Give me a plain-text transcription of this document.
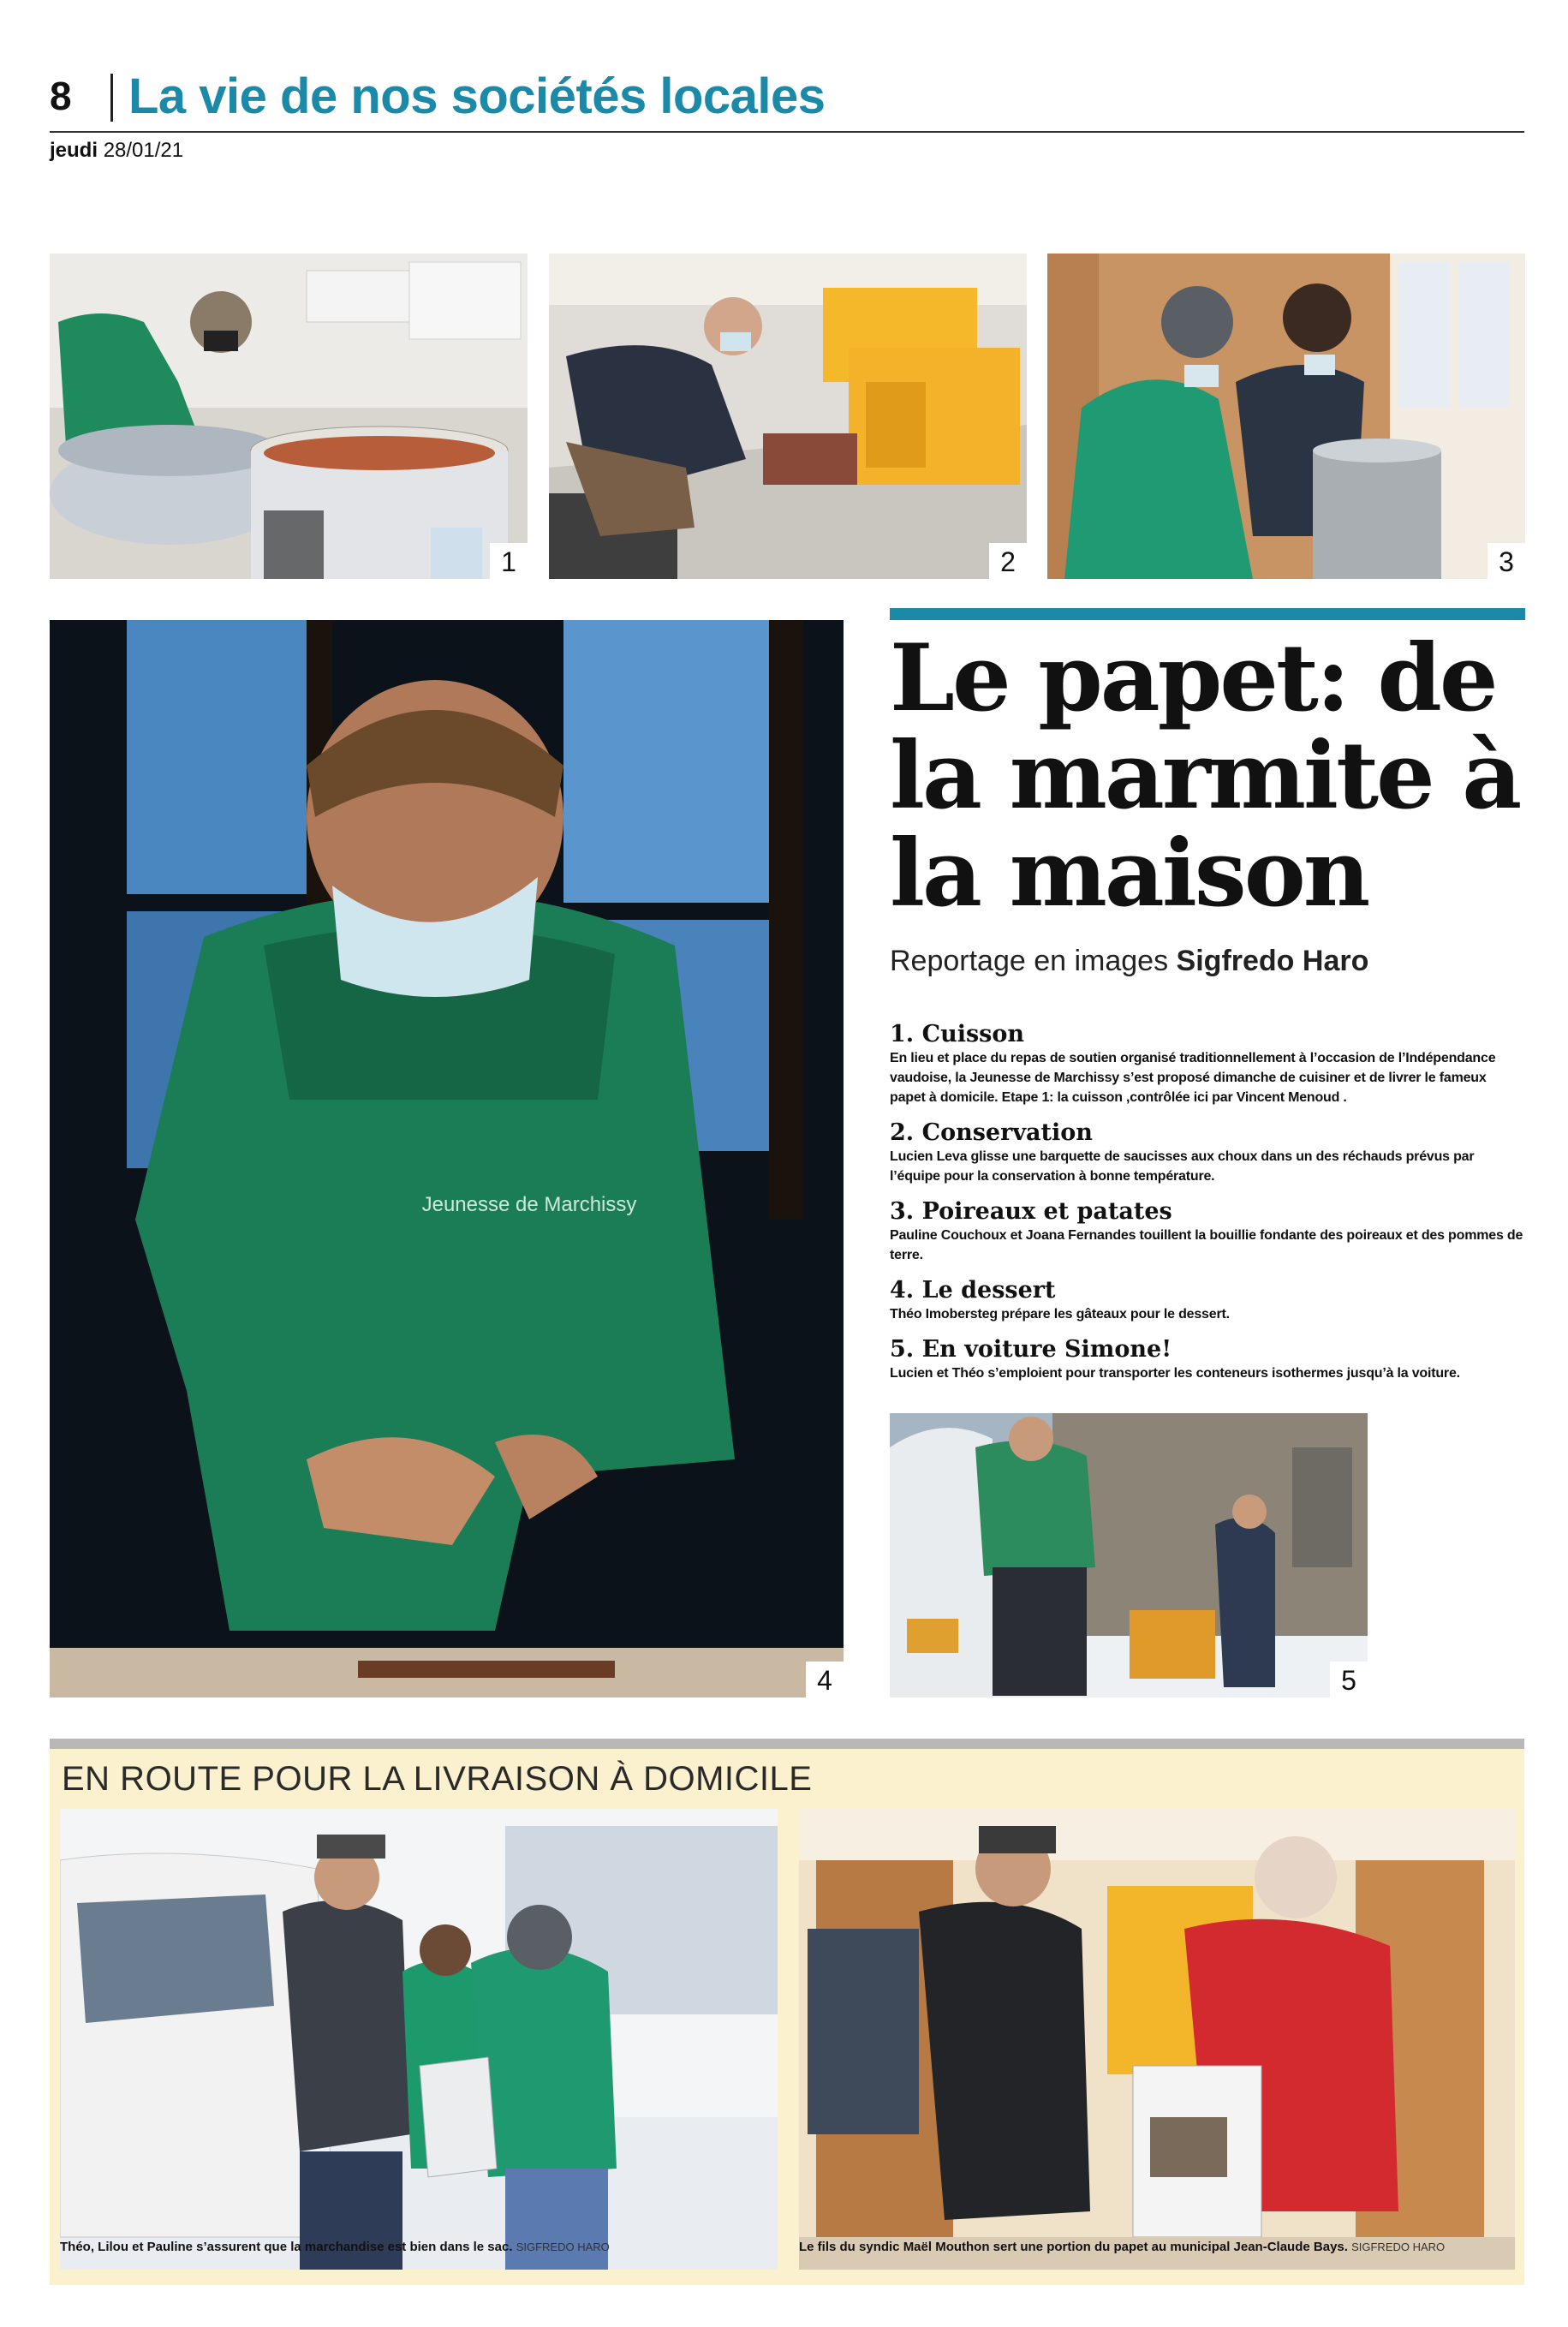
8 La vie de nos sociétés locales
jeudi 28/01/21
1	2	3
Jeunesse de Marchissy
4
Le papet: de la marmite à la maison
Reportage en images Sigfredo Haro
1. Cuisson
En lieu et place du repas de soutien organisé traditionnellement à l’occasion de l’Indépendance vaudoise, la Jeunesse de Marchissy s’est proposé dimanche de cuisiner et de livrer le fameux papet à domicile. Etape 1: la cuisson ,contrôlée ici par Vincent Menoud .
2. Conservation
Lucien Leva glisse une barquette de saucisses aux choux dans un des réchauds prévus par l’équipe pour la conservation à bonne température.
3. Poireaux et patates
Pauline Couchoux et Joana Fernandes touillent la bouillie fondante des poireaux et des pommes de terre.
4. Le dessert
Théo Imobersteg prépare les gâteaux pour le dessert.
5. En voiture Simone!
Lucien et Théo s’emploient pour transporter les conteneurs isothermes jusqu’à la voiture.
5
EN ROUTE POUR LA LIVRAISON À DOMICILE
Théo, Lilou et Pauline s’assurent que la marchandise est bien dans le sac. SIGFREDO HARO	Le fils du syndic Maël Mouthon sert une portion du papet au municipal Jean-Claude Bays. SIGFREDO HARO
